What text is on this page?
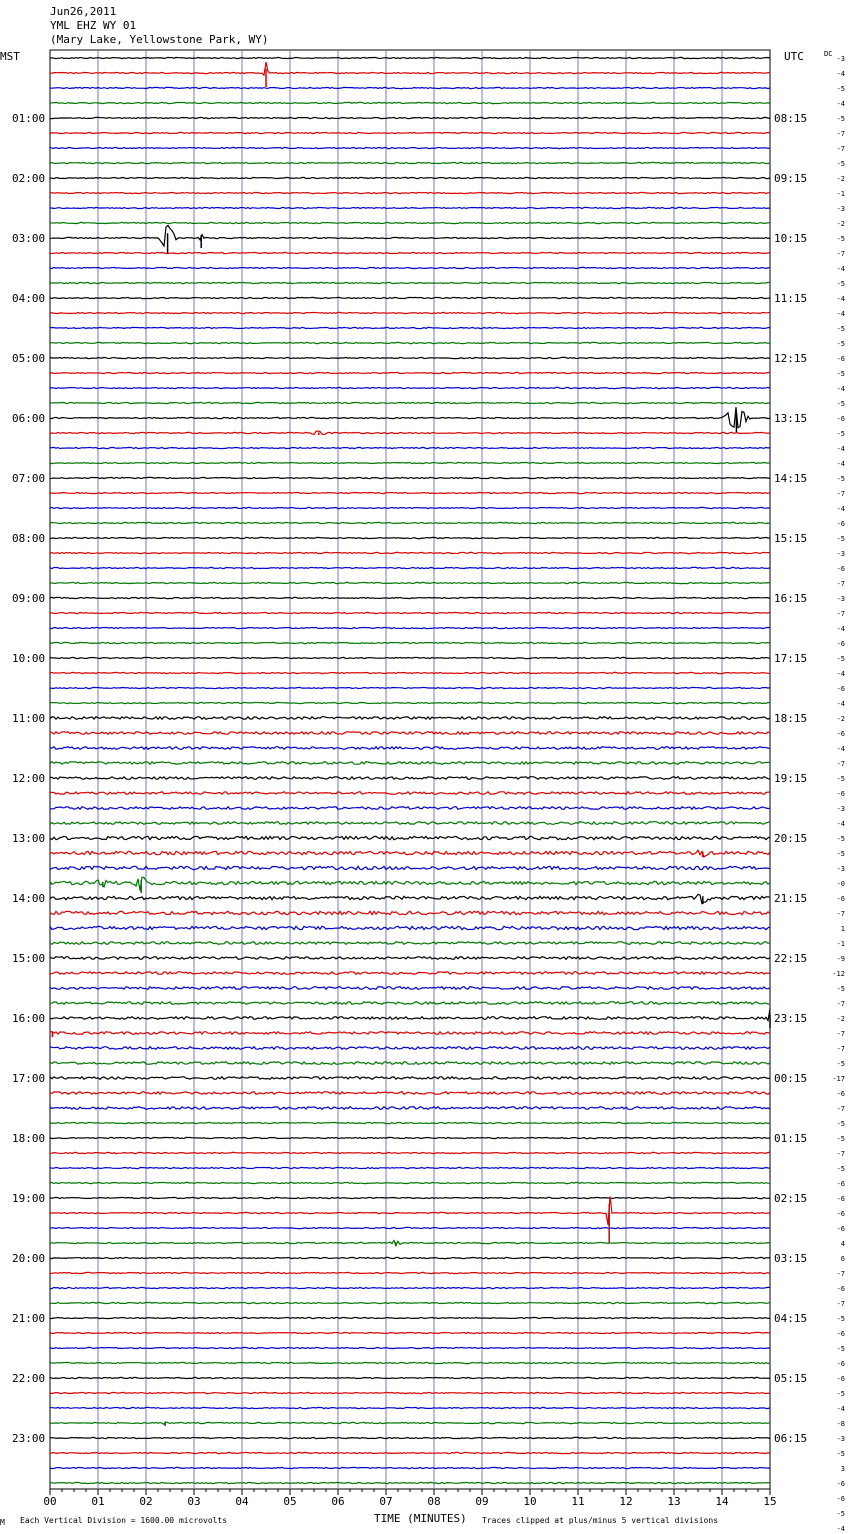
Jun26,2011
YML EHZ WY 01
(Mary Lake, Yellowstone Park, WY)
MST	UTC	DC
01:00
02:00
03:00
04:00
05:00
06:00
07:00
08:00
09:00
10:00
11:00
12:00
13:00
14:00
15:00
16:00
17:00
18:00
19:00
20:00
21:00
22:00
23:00
08:15
09:15
10:15
11:15
12:15
13:15
14:15
15:15
16:15
17:15
18:15
19:15
20:15
21:15
22:15
23:15
00:15
01:15
02:15
03:15
04:15
05:15
06:15
-3
-4
-5
-4
-5
-7
-7
-5
-2
-1
-3
-2
-5
-7
-4
-5
-4
-4
-5
-5
-6
-5
-4
-5
-6
-5
-4
-4
-5
-7
-4
-6
-5
-3
-6
-7
-3
-7
-4
-6
-5
-4
-6
-4
-2
-6
-4
-7
-5
-6
-3
-4
-5
-5
-3
-0
-6
-7
1
-1
-9
-12
-5
-7
-2
-7
-7
-5
-17
-6
-7
-5
-5
-7
-5
-6
-6
-6
-6
4
6
-7
-6
-7
-5
-6
-5
-6
-6
-5
-4
-8
-3
-5
3
-6
-6
-5
-4
00	01	02	03	04	05	06	07	08	09	10	11	12	13	14	15
M Each Vertical Division = 1600.00 microvolts	TIME (MINUTES) Traces clipped at plus/minus 5 vertical divisions
